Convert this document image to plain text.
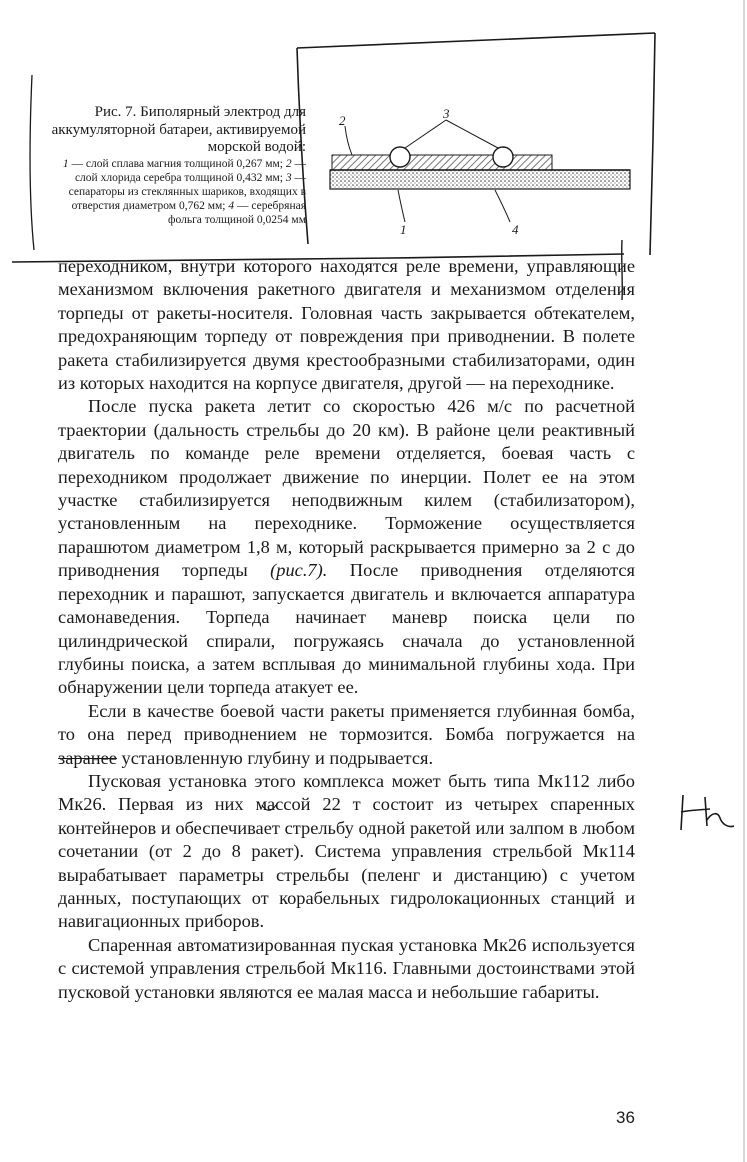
3
2
1	4
Рис. 7. Биполярный электрод для аккумуляторной батареи, активируемой морской водой:
1 — слой сплава магния толщиной 0,267 мм; 2 — слой хлорида серебра толщиной 0,432 мм; 3 — сепараторы из стеклянных шариков, входящих в отверстия диаметром 0,762 мм; 4 — серебряная фольга толщиной 0,0254 мм

переходником, внутри которого находятся реле времени, управляющие механизмом включения ракетного двигателя и механизмом отделения торпеды от ракеты-носителя. Головная часть закрывается обтекателем, предохраняющим торпеду от повреждения при приводнении. В полете ракета стабилизируется двумя крестообразными стабилизаторами, один из которых находится на корпусе двигателя, другой — на переходнике.

После пуска ракета летит со скоростью 426 м/с по расчетной траектории (дальность стрельбы до 20 км). В районе цели реактивный двигатель по команде реле времени отделяется, боевая часть с переходником продолжает движение по инерции. Полет ее на этом участке стабилизируется неподвижным килем (стабилизатором), установленным на переходнике. Торможение осуществляется парашютом диаметром 1,8 м, который раскрывается примерно за 2 с до приводнения торпеды (рис.7). После приводнения отделяются переходник и парашют, запускается двигатель и включается аппаратура самонаведения. Торпеда начинает маневр поиска цели по цилиндрической спирали, погружаясь сначала до установленной глубины поиска, а затем всплывая до минимальной глубины хода. При обнаружении цели торпеда атакует ее.

Если в качестве боевой части ракеты применяется глубинная бомба, то она перед приводнением не тормозится. Бомба погружается на заранее установленную глубину и подрывается.

Пусковая установка этого комплекса может быть типа Мк112 либо Мк26. Первая из них массой 22 т состоит из четырех спаренных контейнеров и обеспечивает стрельбу одной ракетой или залпом в любом сочетании (от 2 до 8 ракет). Система управления стрельбой Мк114 вырабатывает параметры стрельбы (пеленг и дистанцию) с учетом данных, поступающих от корабельных гидролокационных станций и навигационных приборов.

Спаренная автоматизированная пуская установка Мк26 используется с системой управления стрельбой Мк116. Главными достоинствами этой пусковой установки являются ее малая масса и небольшие габариты.

36
